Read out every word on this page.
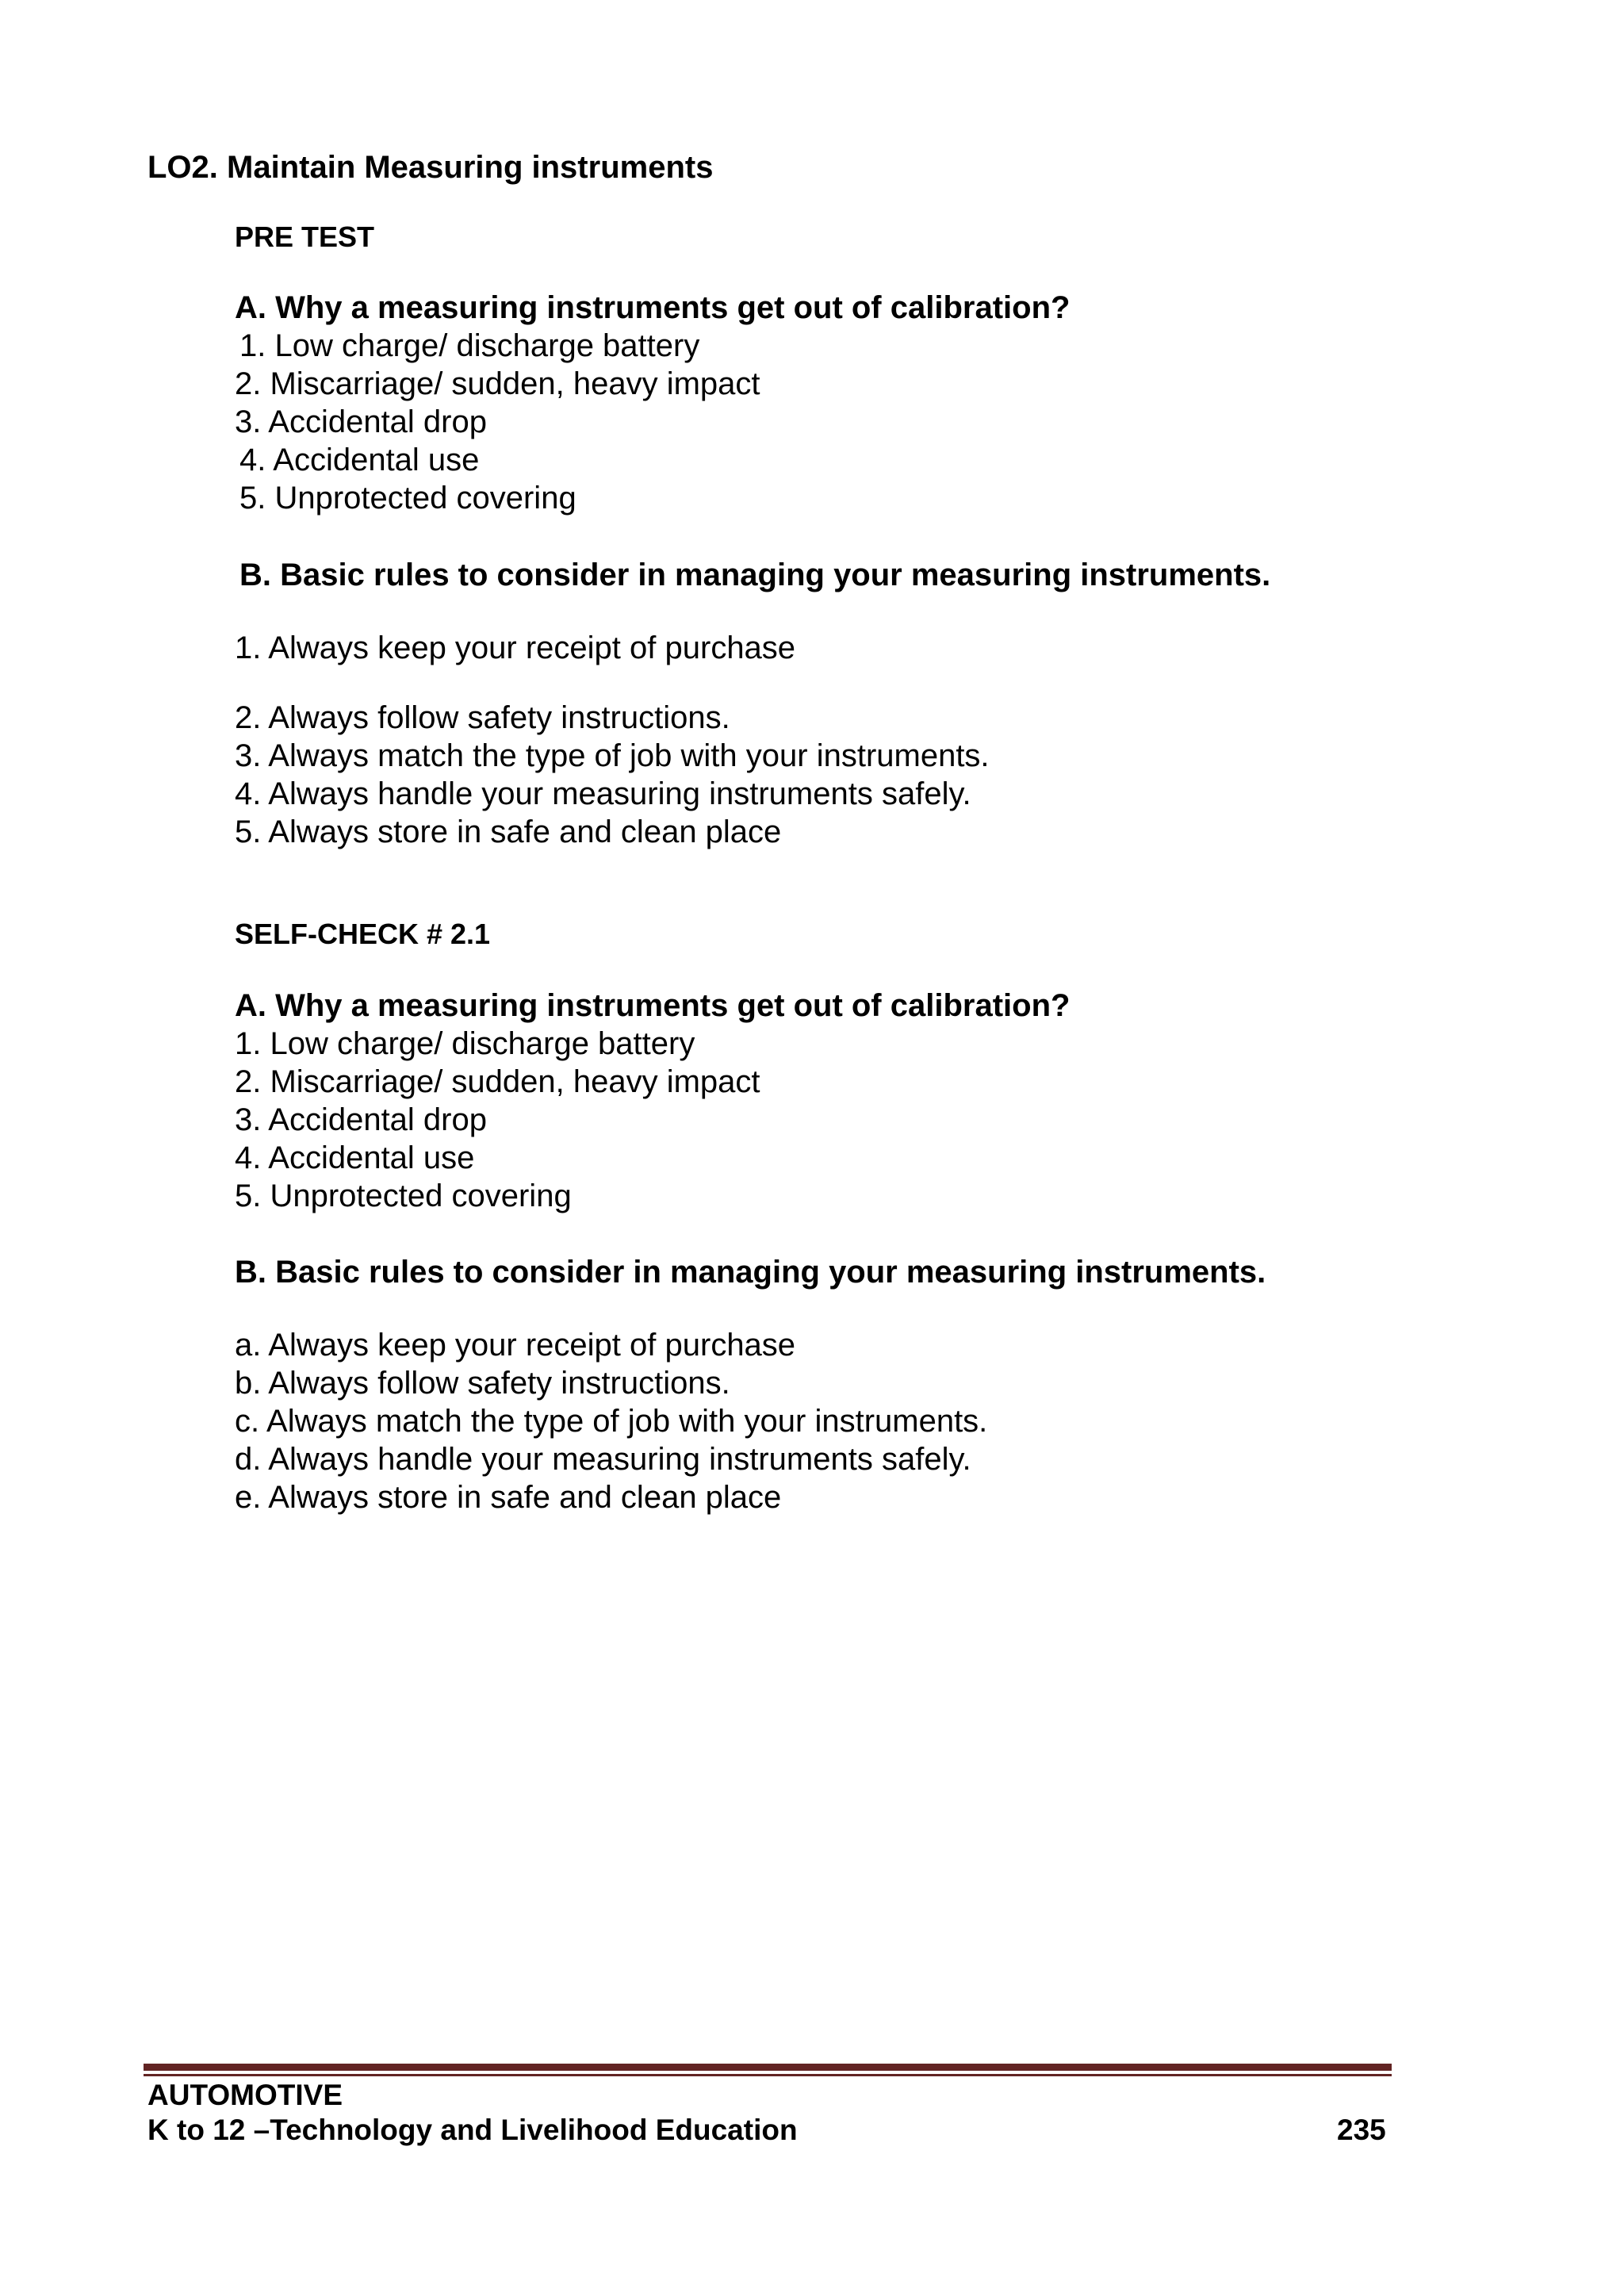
LO2. Maintain Measuring instruments
PRE TEST
A. Why a measuring instruments get out of calibration?
1. Low charge/ discharge battery
2. Miscarriage/ sudden, heavy impact
3. Accidental drop
4. Accidental use
5. Unprotected covering
B. Basic rules to consider in managing your measuring instruments.
1. Always keep your receipt of purchase
2. Always follow safety instructions.
3. Always match the type of job with your instruments.
4. Always handle your measuring instruments safely.
5. Always store in safe and clean place
SELF-CHECK # 2.1
A. Why a measuring instruments get out of calibration?
1. Low charge/ discharge battery
2. Miscarriage/ sudden, heavy impact
3. Accidental drop
4. Accidental use
5. Unprotected covering
B. Basic rules to consider in managing your measuring instruments.
a. Always keep your receipt of purchase
b. Always follow safety instructions.
c. Always match the type of job with your instruments.
d. Always handle your measuring instruments safely.
e. Always store in safe and clean place
AUTOMOTIVE
K to 12 –Technology and Livelihood Education	235
